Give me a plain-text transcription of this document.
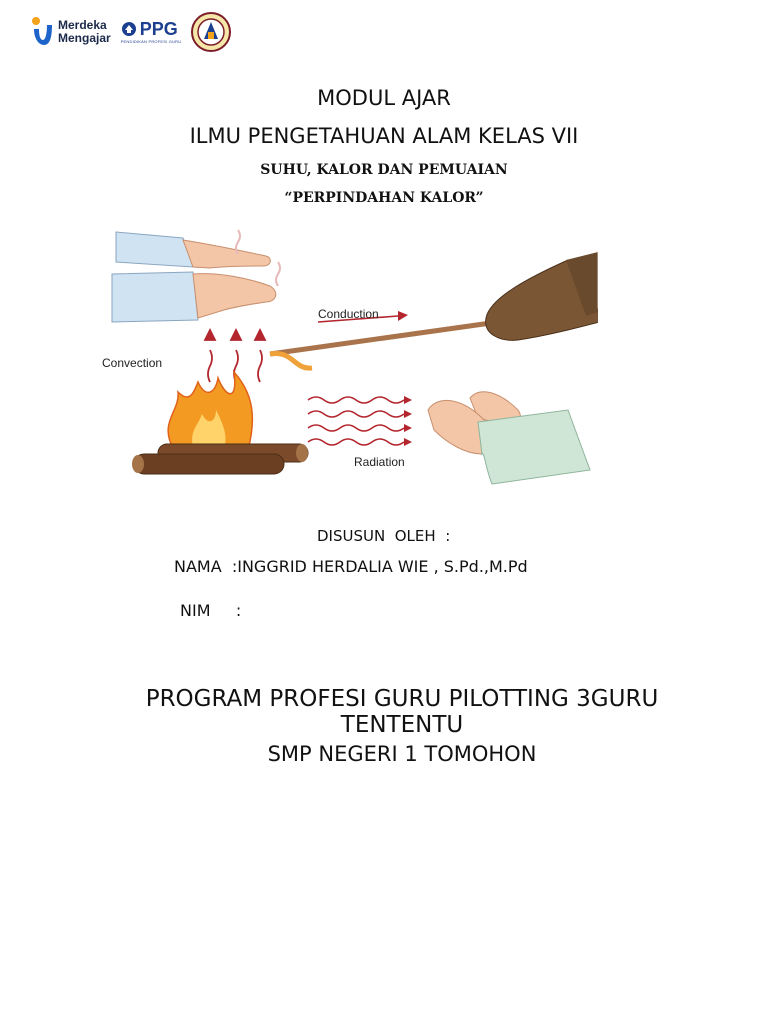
Merdeka
Mengajar PPG
PENDIDIKAN PROFESI GURU
MODUL AJAR
ILMU PENGETAHUAN ALAM KELAS VII
SUHU, KALOR DAN PEMUAIAN
“PERPINDAHAN KALOR”
Convection
Conduction
Radiation
DISUSUN  OLEH  :
NAMA  :INGGRID HERDALIA WIE , S.Pd.,M.Pd
NIM     :
PROGRAM PROFESI GURU PILOTTING 3GURU TENTENTU
SMP NEGERI 1 TOMOHON
